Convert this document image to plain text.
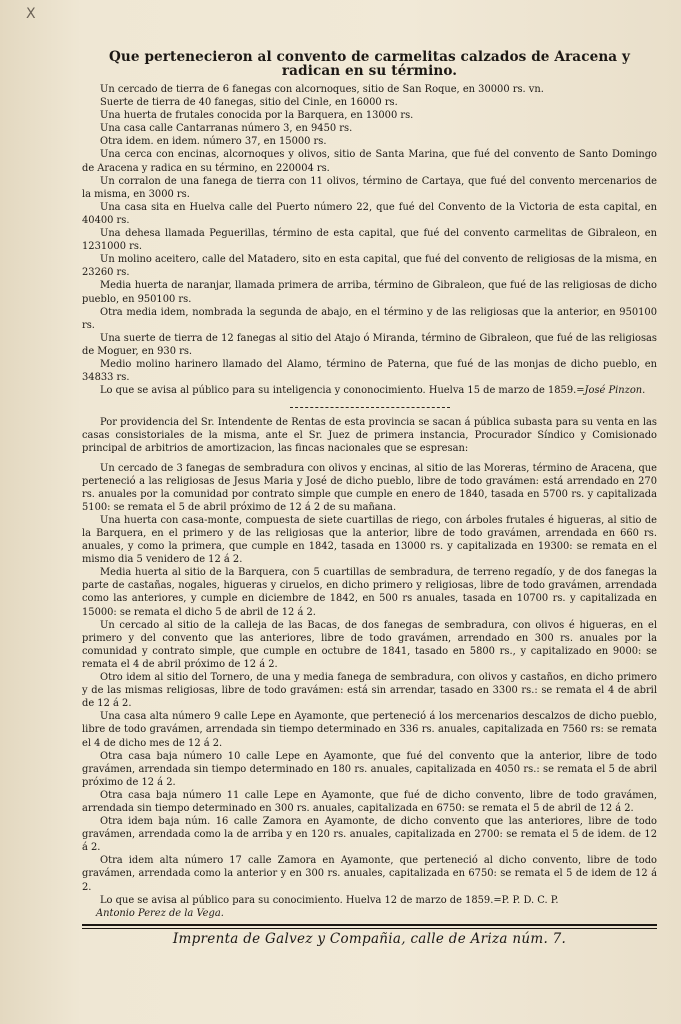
X
Que pertenecieron al convento de carmelitas calzados de Aracena y radican en su término.

Un cercado de tierra de 6 fanegas con alcornoques, sitio de San Roque, en 30000 rs. vn.

Suerte de tierra de 40 fanegas, sitio del Cinle, en 16000 rs.

Una huerta de frutales conocida por la Barquera, en 13000 rs.

Una casa calle Cantarranas número 3, en 9450 rs.

Otra idem. en idem. número 37, en 15000 rs.

Una cerca con encinas, alcornoques y olivos, sitio de Santa Marina, que fué del convento de Santo Domingo de Aracena y radica en su término, en 220004 rs.

Un corralon de una fanega de tierra con 11 olivos, término de Cartaya, que fué del convento mercenarios de la misma, en 3000 rs.

Una casa sita en Huelva calle del Puerto número 22, que fué del Convento de la Victoria de esta capital, en 40400 rs.

Una dehesa llamada Peguerillas, término de esta capital, que fué del convento carmelitas de Gibraleon, en 1231000 rs.

Un molino aceitero, calle del Matadero, sito en esta capital, que fué del convento de religiosas de la misma, en 23260 rs.

Media huerta de naranjar, llamada primera de arriba, término de Gibraleon, que fué de las religiosas de dicho pueblo, en 950100 rs.

Otra media idem, nombrada la segunda de abajo, en el término y de las religiosas que la anterior, en 950100 rs.

Una suerte de tierra de 12 fanegas al sitio del Atajo ó Miranda, término de Gibraleon, que fué de las religiosas de Moguer, en 930 rs.

Medio molino harinero llamado del Alamo, término de Paterna, que fué de las monjas de dicho pueblo, en 34833 rs.

Lo que se avisa al público para su inteligencia y cononocimiento. Huelva 15 de marzo de 1859.=José Pinzon.

Por providencia del Sr. Intendente de Rentas de esta provincia se sacan á pública subasta para su venta en las casas consistoriales de la misma, ante el Sr. Juez de primera instancia, Procurador Síndico y Comisionado principal de arbitrios de amortizacion, las fincas nacionales que se espresan:

Un cercado de 3 fanegas de sembradura con olivos y encinas, al sitio de las Moreras, término de Aracena, que perteneció a las religiosas de Jesus Maria y José de dicho pueblo, libre de todo gravámen: está arrendado en 270 rs. anuales por la comunidad por contrato simple que cumple en enero de 1840, tasada en 5700 rs. y capitalizada 5100: se remata el 5 de abril próximo de 12 á 2 de su mañana.

Una huerta con casa-monte, compuesta de siete cuartillas de riego, con árboles frutales é higueras, al sitio de la Barquera, en el primero y de las religiosas que la anterior, libre de todo gravámen, arrendada en 660 rs. anuales, y como la primera, que cumple en 1842, tasada en 13000 rs. y capitalizada en 19300: se remata en el mismo dia 5 venidero de 12 á 2.

Media huerta al sitio de la Barquera, con 5 cuartillas de sembradura, de terreno regadío, y de dos fanegas la parte de castañas, nogales, higueras y ciruelos, en dicho primero y religiosas, libre de todo gravámen, arrendada como las anteriores, y cumple en diciembre de 1842, en 500 rs anuales, tasada en 10700 rs. y capitalizada en 15000: se remata el dicho 5 de abril de 12 á 2.

Un cercado al sitio de la calleja de las Bacas, de dos fanegas de sembradura, con olivos é higueras, en el primero y del convento que las anteriores, libre de todo gravámen, arrendado en 300 rs. anuales por la comunidad y contrato simple, que cumple en octubre de 1841, tasado en 5800 rs., y capitalizado en 9000: se remata el 4 de abril próximo de 12 á 2.

Otro idem al sitio del Tornero, de una y media fanega de sembradura, con olivos y castaños, en dicho primero y de las mismas religiosas, libre de todo gravámen: está sin arrendar, tasado en 3300 rs.: se remata el 4 de abril de 12 á 2.

Una casa alta número 9 calle Lepe en Ayamonte, que perteneció á los mercenarios descalzos de dicho pueblo, libre de todo gravámen, arrendada sin tiempo determinado en 336 rs. anuales, capitalizada en 7560 rs: se remata el 4 de dicho mes de 12 á 2.

Otra casa baja número 10 calle Lepe en Ayamonte, que fué del convento que la anterior, libre de todo gravámen, arrendada sin tiempo determinado en 180 rs. anuales, capitalizada en 4050 rs.: se remata el 5 de abril próximo de 12 á 2.

Otra casa baja número 11 calle Lepe en Ayamonte, que fué de dicho convento, libre de todo gravámen, arrendada sin tiempo determinado en 300 rs. anuales, capitalizada en 6750: se remata el 5 de abril de 12 á 2.

Otra idem baja núm. 16 calle Zamora en Ayamonte, de dicho convento que las anteriores, libre de todo gravámen, arrendada como la de arriba y en 120 rs. anuales, capitalizada en 2700: se remata el 5 de idem. de 12 á 2.

Otra idem alta número 17 calle Zamora en Ayamonte, que perteneció al dicho convento, libre de todo gravámen, arrendada como la anterior y en 300 rs. anuales, capitalizada en 6750: se remata el 5 de idem de 12 á 2.

Lo que se avisa al público para su conocimiento. Huelva 12 de marzo de 1859.=P. P. D. C. P.

Antonio Perez de la Vega.

Imprenta de Galvez y Compañia, calle de Ariza núm. 7.
